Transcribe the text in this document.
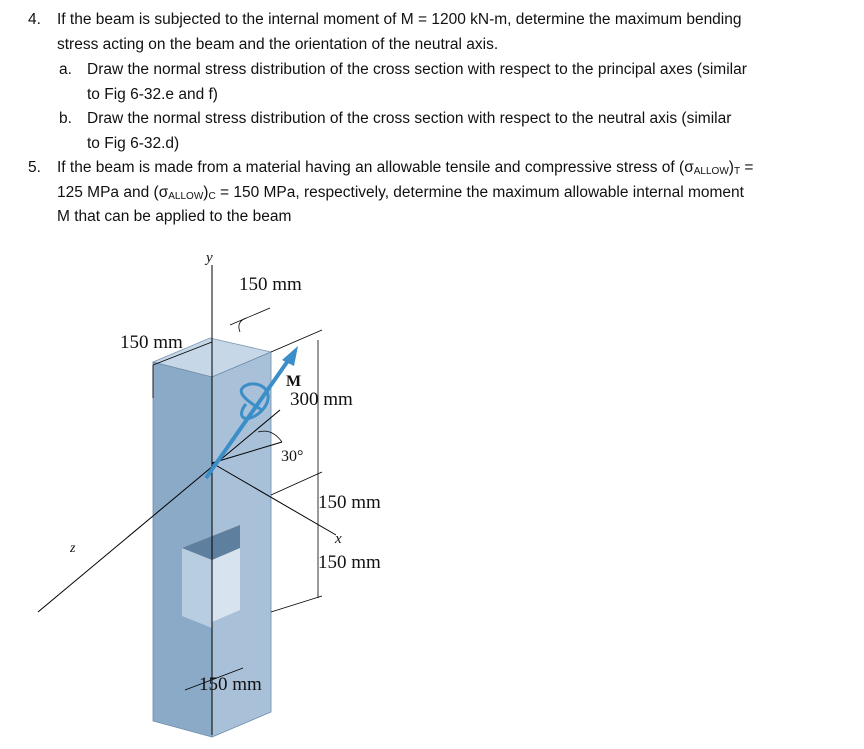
4. If the beam is subjected to the internal moment of M = 1200 kN-m, determine the maximum bending
stress acting on the beam and the orientation of the neutral axis.
a. Draw the normal stress distribution of the cross section with respect to the principal axes (similar
to Fig 6-32.e and f)
b. Draw the normal stress distribution of the cross section with respect to the neutral axis (similar
to Fig 6-32.d)
5. If the beam is made from a material having an allowable tensile and compressive stress of $(\sigma_{ALLOW})_T$ =
125 MPa and $(\sigma_{ALLOW})_C = 150$ MPa, respectively, determine the maximum allowable internal moment
M that can be applied to the beam
y
z
x
M
150 mm
150 mm
300 mm
30°
150 mm
150 mm
150 mm
